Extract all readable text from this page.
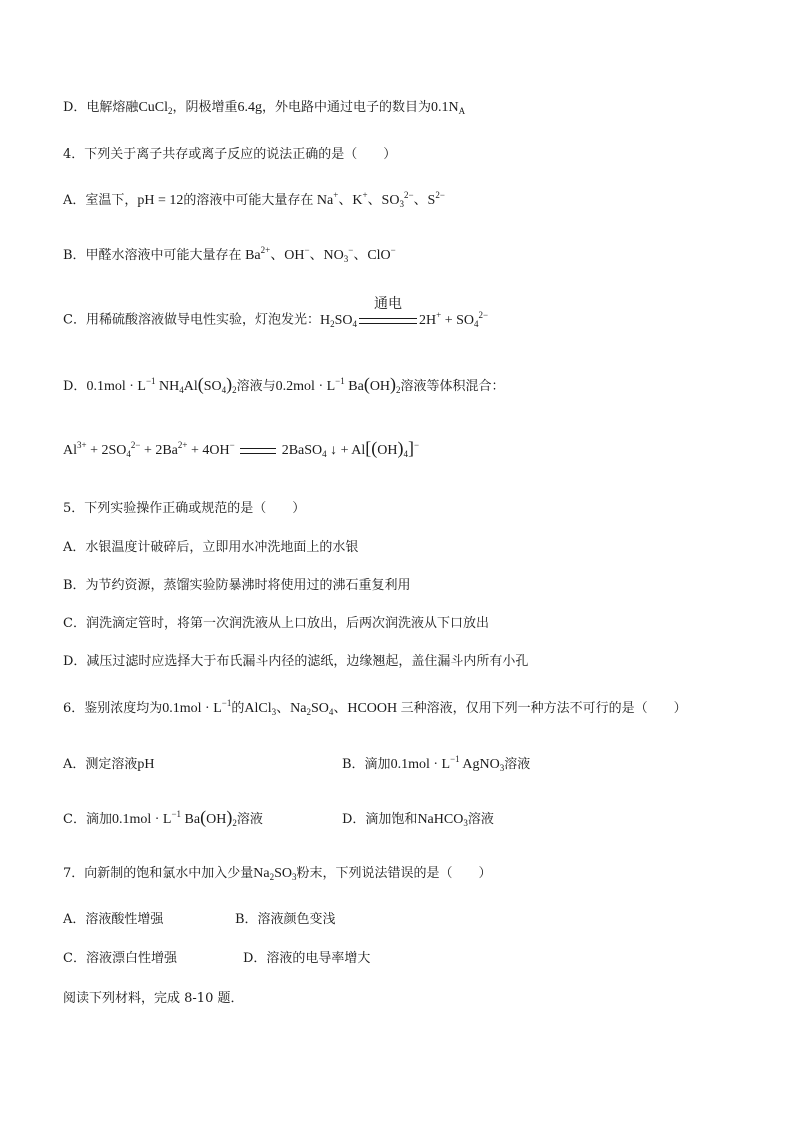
D．电解熔融CuCl$_2$，阴极增重6.4g，外电路中通过电子的数目为$0.1N_A$
4．下列关于离子共存或离子反应的说法正确的是（　　）
A．室温下，pH = 12的溶液中可能大量存在 Na+、K+、$SO_3^{2-}$、$S^{2-}$
B．甲醛水溶液中可能大量存在 $Ba^{2+}$、OH−、$NO_3^-$、ClO−
C．用稀硫酸溶液做导电性实验，灯泡发光：$H_2SO_4$
通电
$2H^+ + SO_4^{2-}$
D．$0.1mol \cdot L^{-1}$ $NH_4Al(SO_4)_2$溶液与$0.2mol \cdot L^{-1}$ $Ba(OH)_2$溶液等体积混合：
$Al^{3+} + 2SO_4^{2-} + 2Ba^{2+} + 4OH^-$	2BaSO$_4$ ↓ + $Al[(OH)_4]^-$
5．下列实验操作正确或规范的是（　　）
A．水银温度计破碎后，立即用水冲洗地面上的水银
B．为节约资源，蒸馏实验防暴沸时将使用过的沸石重复利用
C．润洗滴定管时，将第一次润洗液从上口放出，后两次润洗液从下口放出
D．减压过滤时应选择大于布氏漏斗内径的滤纸，边缘翘起，盖住漏斗内所有小孔
6．鉴别浓度均为$0.1mol \cdot L^{-1}$的AlCl$_3$、$Na_2SO_4$、HCOOH 三种溶液，仅用下列一种方法不可行的是（　　）
A．测定溶液pH	B．滴加$0.1mol \cdot L^{-1}$ AgNO$_3$溶液
C．滴加$0.1mol \cdot L^{-1}$ $Ba(OH)_2$溶液	D．滴加饱和NaHCO$_3$溶液
7．向新制的饱和氯水中加入少量$Na_2SO_3$粉末，下列说法错误的是（　　）
A．溶液酸性增强	B．溶液颜色变浅
C．溶液漂白性增强	D．溶液的电导率增大
阅读下列材料，完成 8-10 题．
